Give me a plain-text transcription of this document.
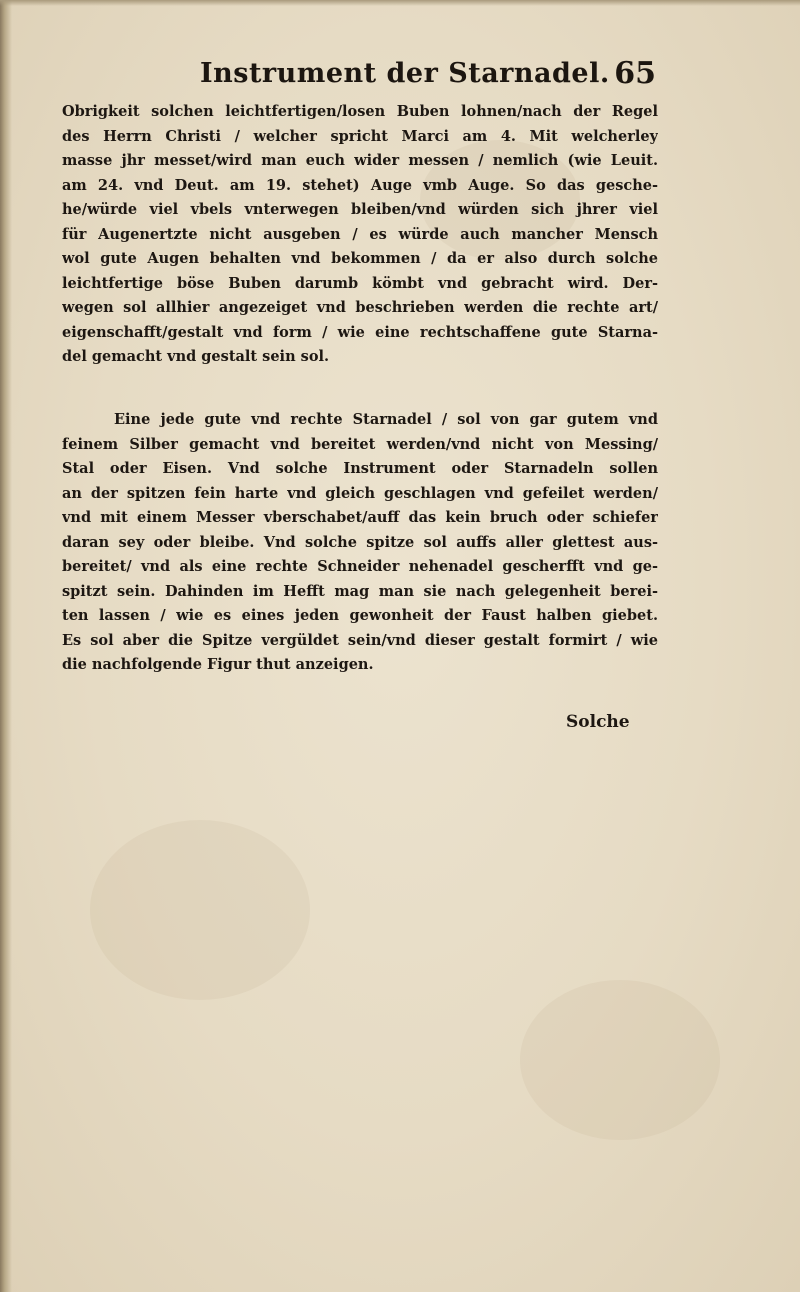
Instrument der Starnadel. 65
Obrigkeit solchen leichtfertigen/losen Buben lohnen/nach der Regel
des Herrn Christi / welcher spricht Marci am 4. Mit welcherley
masse jhr messet/wird man euch wider messen / nemlich (wie Leuit.
am 24. vnd Deut. am 19. stehet) Auge vmb Auge. So das gesche-
he/würde viel vbels vnterwegen bleiben/vnd würden sich jhrer viel
für Augenertzte nicht ausgeben / es würde auch mancher Mensch
wol gute Augen behalten vnd bekommen / da er also durch solche
leichtfertige böse Buben darumb kömbt vnd gebracht wird. Der-
wegen sol allhier angezeiget vnd beschrieben werden die rechte art/
eigenschafft/gestalt vnd form / wie eine rechtschaffene gute Starna-
del gemacht vnd gestalt sein sol.
Eine jede gute vnd rechte Starnadel / sol von gar gutem vnd
feinem Silber gemacht vnd bereitet werden/vnd nicht von Messing/
Stal oder Eisen. Vnd solche Instrument oder Starnadeln sollen
an der spitzen fein harte vnd gleich geschlagen vnd gefeilet werden/
vnd mit einem Messer vberschabet/auff das kein bruch oder schiefer
daran sey oder bleibe. Vnd solche spitze sol auffs aller glettest aus-
bereitet/ vnd als eine rechte Schneider nehenadel gescherfft vnd ge-
spitzt sein. Dahinden im Hefft mag man sie nach gelegenheit berei-
ten lassen / wie es eines jeden gewonheit der Faust halben giebet.
Es sol aber die Spitze vergüldet sein/vnd dieser gestalt formirt / wie
die nachfolgende Figur thut anzeigen.
Solche
